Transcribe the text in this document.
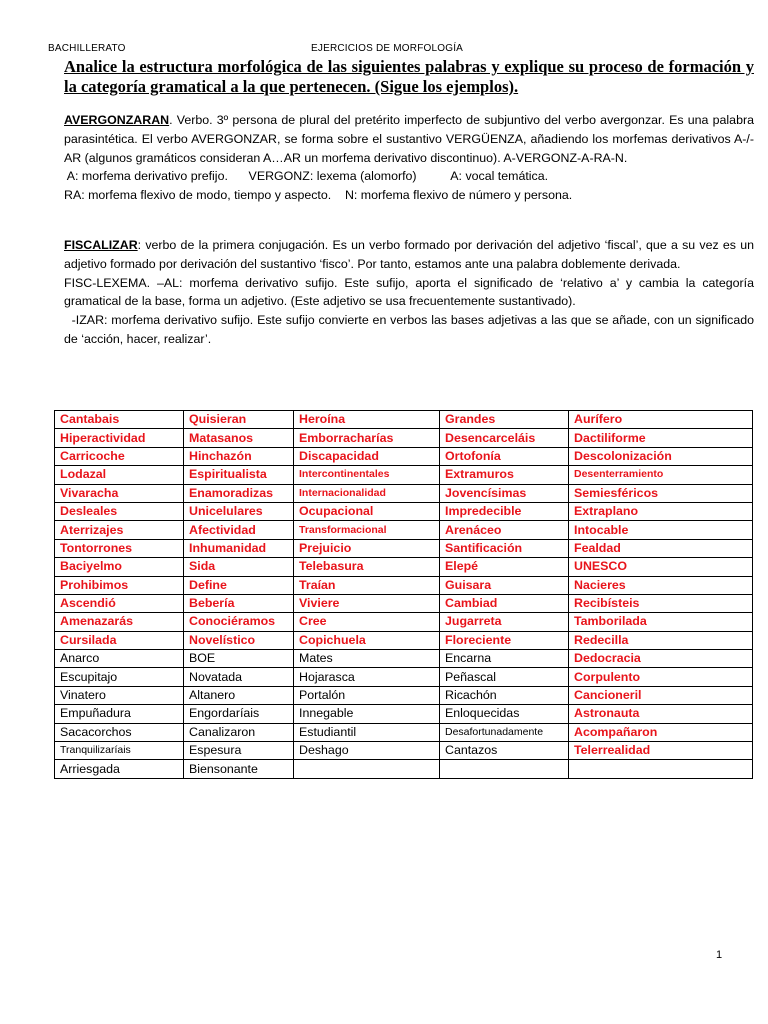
BACHILLERATO	EJERCICIOS DE MORFOLOGÍA
Analice la estructura morfológica de las siguientes palabras y explique su proceso de formación y la categoría gramatical a la que pertenecen. (Sigue los ejemplos).

AVERGONZARAN. Verbo. 3º persona de plural del pretérito imperfecto de subjuntivo del verbo avergonzar. Es una palabra parasintética. El verbo AVERGONZAR, se forma sobre el sustantivo VERGÜENZA, añadiendo los morfemas derivativos A-/-AR (algunos gramáticos consideran A…AR un morfema derivativo discontinuo). A-VERGONZ-A-RA-N.

A: morfema derivativo prefijo.      VERGONZ: lexema (alomorfo)          A: vocal temática.
RA: morfema flexivo de modo, tiempo y aspecto.    N: morfema flexivo de número y persona.

FISCALIZAR: verbo de la primera conjugación. Es un verbo formado por derivación del adjetivo ‘fiscal’, que a su vez es un adjetivo formado por derivación del sustantivo ‘fisco’. Por tanto, estamos ante una palabra doblemente derivada.

FISC-LEXEMA. –AL: morfema derivativo sufijo. Este sufijo, aporta el significado de ‘relativo a’ y cambia la categoría gramatical de la base, forma un adjetivo. (Este adjetivo se usa frecuentemente sustantivado).

-IZAR: morfema derivativo sufijo. Este sufijo convierte en verbos las bases adjetivas a las que se añade, con un significado de ‘acción, hacer, realizar’.

Cantabais	Quisieran	Heroína	Grandes	Aurífero
Hiperactividad	Matasanos	Emborracharías	Desencarceláis	Dactiliforme
Carricoche	Hinchazón	Discapacidad	Ortofonía	Descolonización
Lodazal	Espiritualista	Intercontinentales	Extramuros	Desenterramiento
Vivaracha	Enamoradizas	Internacionalidad	Jovencísimas	Semiesféricos
Desleales	Unicelulares	Ocupacional	Impredecible	Extraplano
Aterrizajes	Afectividad	Transformacional	Arenáceo	Intocable
Tontorrones	Inhumanidad	Prejuicio	Santificación	Fealdad
Baciyelmo	Sida	Telebasura	Elepé	UNESCO
Prohibimos	Define	Traían	Guisara	Nacieres
Ascendió	Bebería	Viviere	Cambiad	Recibísteis
Amenazarás	Conociéramos	Cree	Jugarreta	Tamborilada
Cursilada	Novelístico	Copichuela	Floreciente	Redecilla
Anarco	BOE	Mates	Encarna	Dedocracia
Escupitajo	Novatada	Hojarasca	Peñascal	Corpulento
Vinatero	Altanero	Portalón	Ricachón	Cancioneril
Empuñadura	Engordaríais	Innegable	Enloquecidas	Astronauta
Sacacorchos	Canalizaron	Estudiantil	Desafortunadamente	Acompañaron
Tranquilizaríais	Espesura	Deshago	Cantazos	Telerrealidad
Arriesgada	Biensonante			
1
